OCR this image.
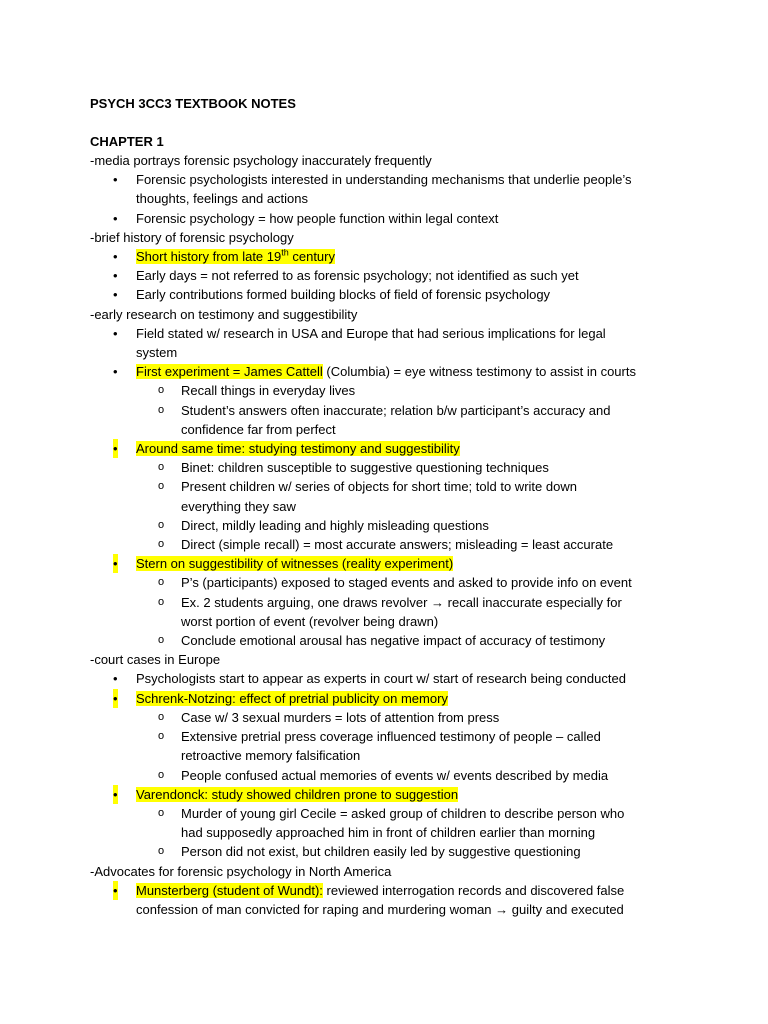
PSYCH 3CC3 TEXTBOOK NOTES
CHAPTER 1
-media portrays forensic psychology inaccurately frequently
• Forensic psychologists interested in understanding mechanisms that underlie people’s
thoughts, feelings and actions
• Forensic psychology = how people function within legal context
-brief history of forensic psychology
• Short history from late 19th century
• Early days = not referred to as forensic psychology; not identified as such yet
• Early contributions formed building blocks of field of forensic psychology
-early research on testimony and suggestibility
• Field stated w/ research in USA and Europe that had serious implications for legal
system
• First experiment = James Cattell (Columbia) = eye witness testimony to assist in courts
o Recall things in everyday lives
o Student’s answers often inaccurate; relation b/w participant’s accuracy and
confidence far from perfect
• Around same time: studying testimony and suggestibility
o Binet: children susceptible to suggestive questioning techniques
o Present children w/ series of objects for short time; told to write down
everything they saw
o Direct, mildly leading and highly misleading questions
o Direct (simple recall) = most accurate answers; misleading = least accurate
• Stern on suggestibility of witnesses (reality experiment)
o P’s (participants) exposed to staged events and asked to provide info on event
o Ex. 2 students arguing, one draws revolver → recall inaccurate especially for
worst portion of event (revolver being drawn)
o Conclude emotional arousal has negative impact of accuracy of testimony
-court cases in Europe
• Psychologists start to appear as experts in court w/ start of research being conducted
• Schrenk-Notzing: effect of pretrial publicity on memory
o Case w/ 3 sexual murders = lots of attention from press
o Extensive pretrial press coverage influenced testimony of people – called
retroactive memory falsification
o People confused actual memories of events w/ events described by media
• Varendonck: study showed children prone to suggestion
o Murder of young girl Cecile = asked group of children to describe person who
had supposedly approached him in front of children earlier than morning
o Person did not exist, but children easily led by suggestive questioning
-Advocates for forensic psychology in North America
• Munsterberg (student of Wundt): reviewed interrogation records and discovered false
confession of man convicted for raping and murdering woman → guilty and executed
